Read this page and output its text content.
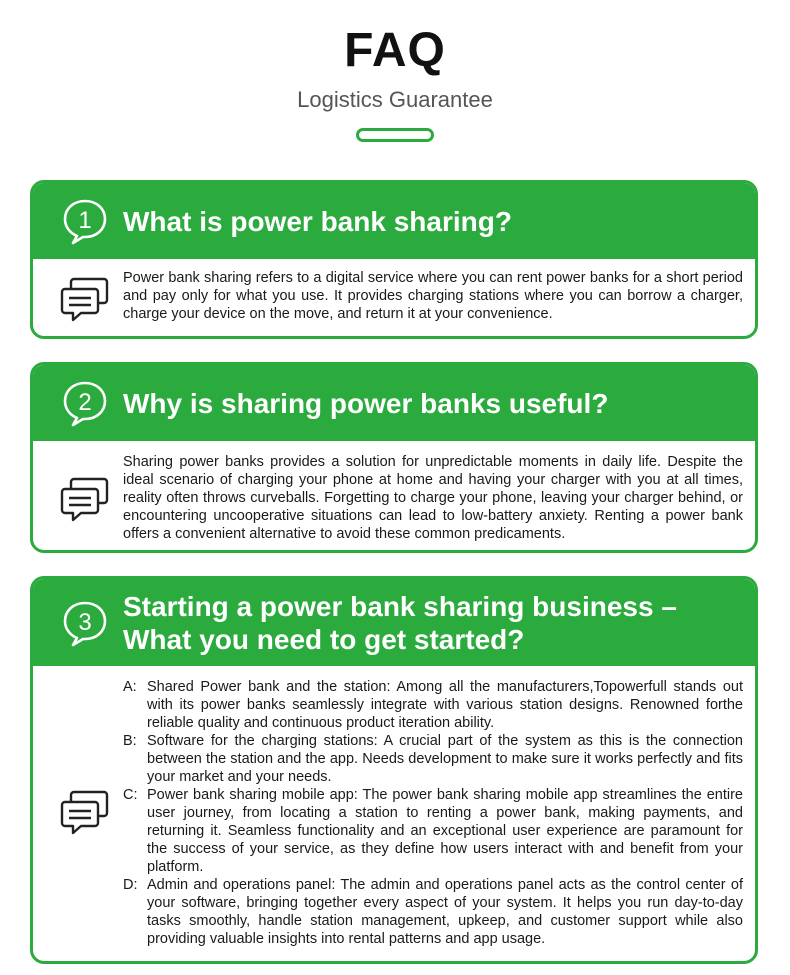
FAQ
Logistics Guarantee
1 What is power bank sharing?
Power bank sharing refers to a digital service where you can rent power banks for a short period and pay only for what you use. It provides charging stations where you can borrow a charger, charge your device on the move, and return it at your convenience.
2 Why is sharing power banks useful?
Sharing power banks provides a solution for unpredictable moments in daily life. Despite the ideal scenario of charging your phone at home and having your charger with you at all times, reality often throws curveballs. Forgetting to charge your phone, leaving your charger behind, or encountering uncooperative situations can lead to low-battery anxiety. Renting a power bank offers a convenient alternative to avoid these common predicaments.
3
Starting a power bank sharing business – What you need to get started?
A: Shared Power bank and the station: Among all the manufacturers,Topowerfull stands out with its power banks seamlessly integrate with various station designs. Renowned forthe reliable quality and continuous product iteration ability.
B: Software for the charging stations: A crucial part of the system as this is the connection between the station and the app. Needs development to make sure it works perfectly and fits your market and your needs.
C: Power bank sharing mobile app: The power bank sharing mobile app streamlines the entire user journey, from locating a station to renting a power bank, making payments, and returning it. Seamless functionality and an exceptional user experience are paramount for the success of your service, as they define how users interact with and benefit from your platform.
D: Admin and operations panel: The admin and operations panel acts as the control center of your software, bringing together every aspect of your system. It helps you run day-to-day tasks smoothly, handle station management, upkeep, and customer support while also providing valuable insights into rental patterns and app usage.
